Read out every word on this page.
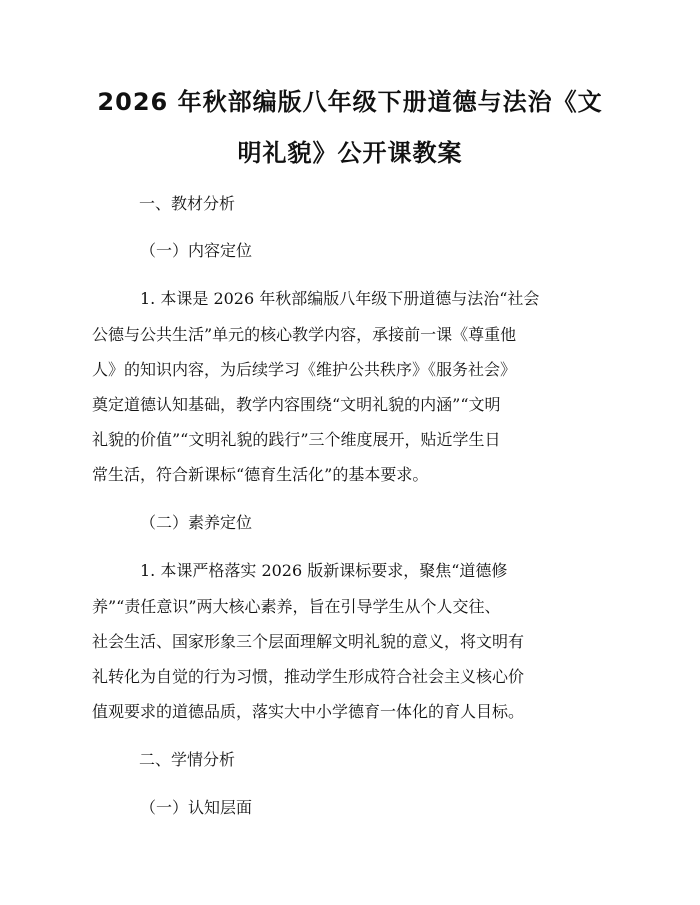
2026 年秋部编版八年级下册道德与法治《文
明礼貌》公开课教案
一、教材分析
（一）内容定位
1. 本课是 2026 年秋部编版八年级下册道德与法治“社会
公德与公共生活”单元的核心教学内容，承接前一课《尊重他
人》的知识内容，为后续学习《维护公共秩序》《服务社会》
奠定道德认知基础，教学内容围绕“文明礼貌的内涵”“文明
礼貌的价值”“文明礼貌的践行”三个维度展开，贴近学生日
常生活，符合新课标“德育生活化”的基本要求。
（二）素养定位
1. 本课严格落实 2026 版新课标要求，聚焦“道德修
养”“责任意识”两大核心素养，旨在引导学生从个人交往、
社会生活、国家形象三个层面理解文明礼貌的意义，将文明有
礼转化为自觉的行为习惯，推动学生形成符合社会主义核心价
值观要求的道德品质，落实大中小学德育一体化的育人目标。
二、学情分析
（一）认知层面
